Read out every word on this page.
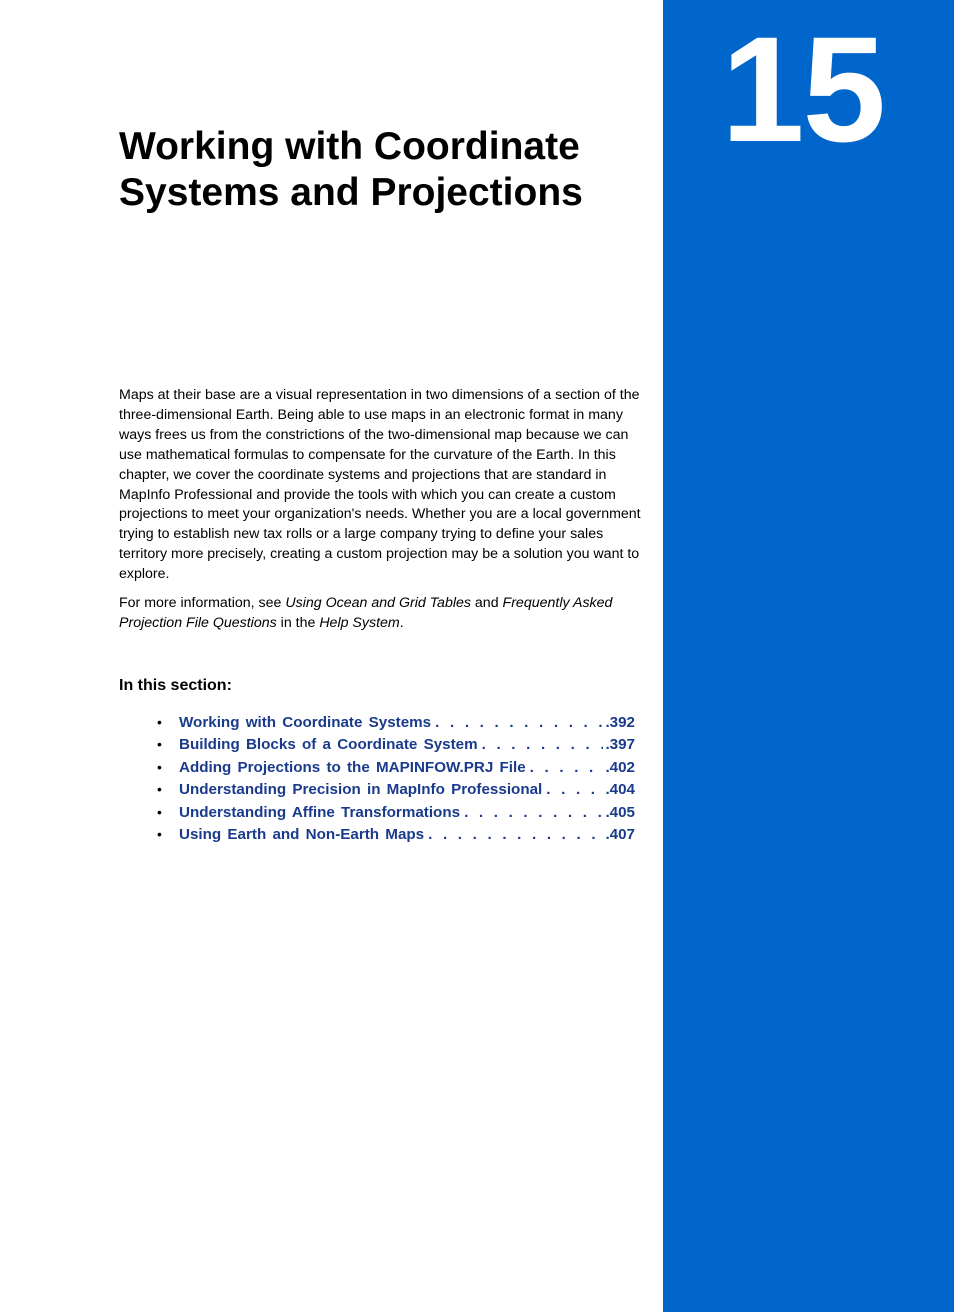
15
Working with Coordinate Systems and Projections

Maps at their base are a visual representation in two dimensions of a section of the three-dimensional Earth. Being able to use maps in an electronic format in many ways frees us from the constrictions of the two-dimensional map because we can use mathematical formulas to compensate for the curvature of the Earth. In this chapter, we cover the coordinate systems and projections that are standard in MapInfo Professional and provide the tools with which you can create a custom projections to meet your organization's needs. Whether you are a local government trying to establish new tax rolls or a large company trying to define your sales territory more precisely, creating a custom projection may be a solution you want to explore.

For more information, see Using Ocean and Grid Tables and Frequently Asked Projection File Questions in the Help System.

In this section:
•	Working with Coordinate Systems . . .	.392
•	Building Blocks of a Coordinate System . . .	.397
•	Adding Projections to the MAPINFOW.PRJ File . . .	.402
•	Understanding Precision in MapInfo Professional . . .	.404
•	Understanding Affine Transformations . . .	.405
•	Using Earth and Non-Earth Maps . . .	.407
